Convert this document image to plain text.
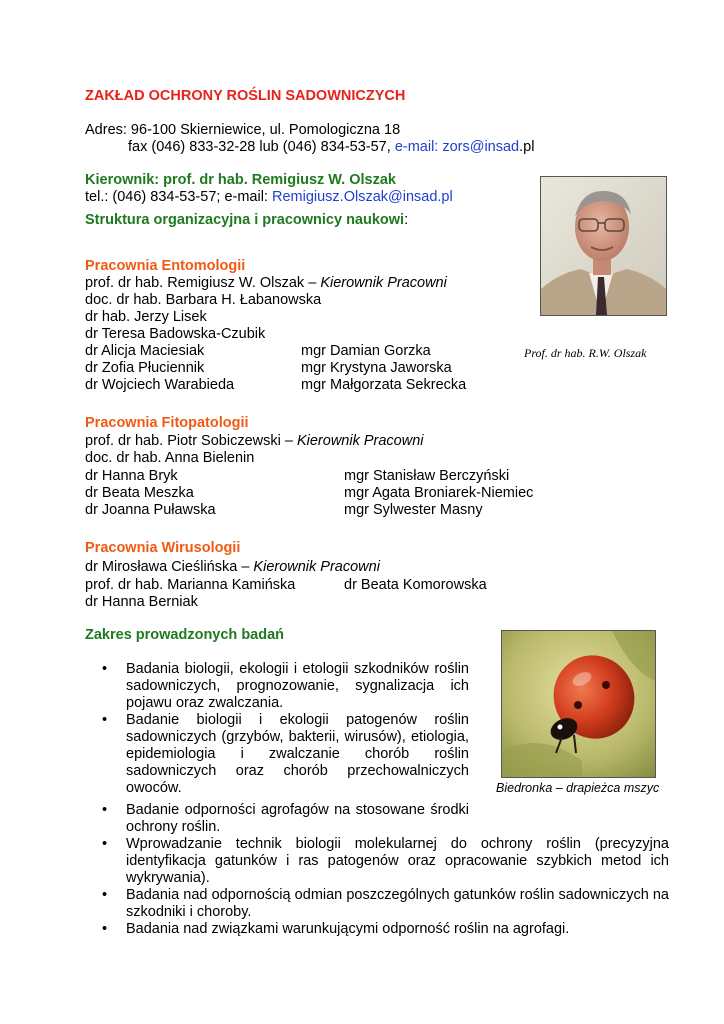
ZAKŁAD OCHRONY ROŚLIN SADOWNICZYCH
Adres: 96-100 Skierniewice, ul. Pomologiczna 18
fax (046) 833-32-28 lub (046) 834-53-57, e-mail: zors@insad.pl
Kierownik: prof. dr hab. Remigiusz W. Olszak
tel.: (046) 834-53-57; e-mail: Remigiusz.Olszak@insad.pl
Struktura organizacyjna i pracownicy naukowi:
Prof. dr hab. R.W. Olszak
Pracownia Entomologii
prof. dr hab. Remigiusz W. Olszak – Kierownik Pracowni
doc. dr hab. Barbara H. Łabanowska
dr hab. Jerzy Lisek
dr Teresa Badowska-Czubik
dr Alicja Maciesiak
dr Zofia Płuciennik
dr Wojciech Warabieda
mgr Damian Gorzka
mgr Krystyna Jaworska
mgr Małgorzata Sekrecka
Pracownia Fitopatologii
prof. dr hab. Piotr Sobiczewski – Kierownik Pracowni
doc. dr hab. Anna Bielenin
dr Hanna Bryk
dr Beata Meszka
dr Joanna Puławska
mgr Stanisław Berczyński
mgr Agata Broniarek-Niemiec
mgr Sylwester Masny
Pracownia Wirusologii
dr Mirosława Cieślińska – Kierownik Pracowni
prof. dr hab. Marianna Kamińska	dr Beata Komorowska
dr Hanna Berniak
Zakres prowadzonych badań
Biedronka – drapieżca mszyc
• Badania biologii, ekologii i etologii szkodników roślin sadowniczych, prognozowanie, sygnalizacja ich pojawu oraz zwalczania.
• Badanie biologii i ekologii patogenów roślin sadowniczych (grzybów, bakterii, wirusów), etiologia, epidemiologia i zwalczanie chorób roślin sadowniczych oraz chorób przechowalniczych owoców.
• Badanie odporności agrofagów na stosowane środki ochrony roślin.
• Wprowadzanie technik biologii molekularnej do ochrony roślin (precyzyjna identyfikacja gatunków i ras patogenów oraz opracowanie szybkich metod ich wykrywania).
• Badania nad odpornością odmian poszczególnych gatunków roślin sadowniczych na szkodniki i choroby.
• Badania nad związkami warunkującymi odporność roślin na agrofagi.
